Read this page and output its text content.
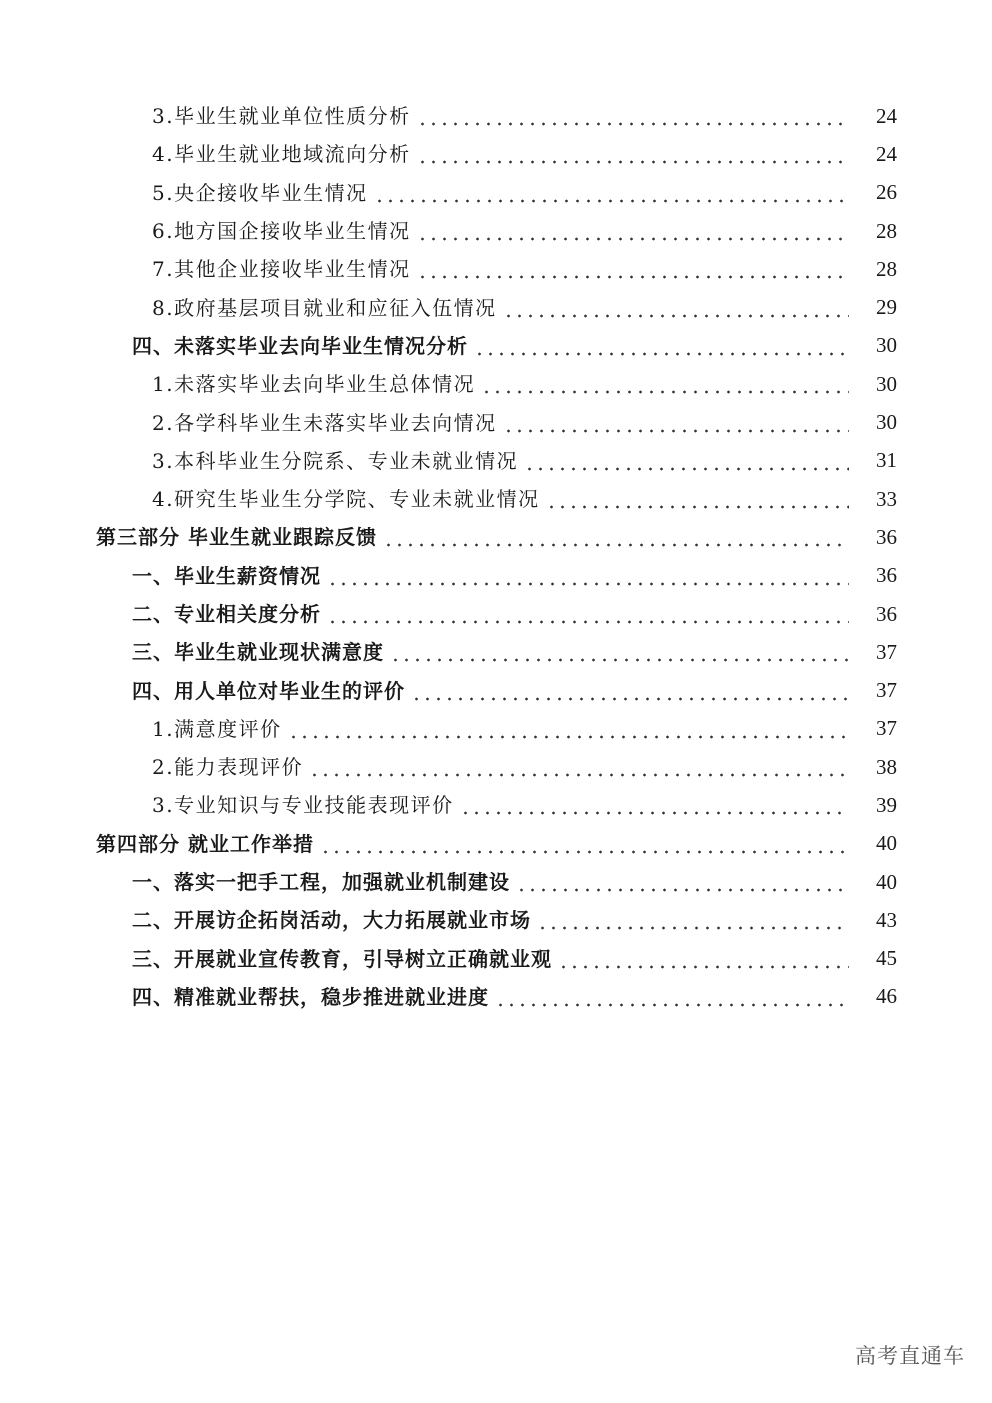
3.毕业生就业单位性质分析	24
4.毕业生就业地域流向分析	24
5.央企接收毕业生情况	26
6.地方国企接收毕业生情况	28
7.其他企业接收毕业生情况	28
8.政府基层项目就业和应征入伍情况	29
四、未落实毕业去向毕业生情况分析	30
1.未落实毕业去向毕业生总体情况	30
2.各学科毕业生未落实毕业去向情况	30
3.本科毕业生分院系、专业未就业情况	31
4.研究生毕业生分学院、专业未就业情况	33
第三部分 毕业生就业跟踪反馈	36
一、毕业生薪资情况	36
二、专业相关度分析	36
三、毕业生就业现状满意度	37
四、用人单位对毕业生的评价	37
1.满意度评价	37
2.能力表现评价	38
3.专业知识与专业技能表现评价	39
第四部分 就业工作举措	40
一、落实一把手工程，加强就业机制建设	40
二、开展访企拓岗活动，大力拓展就业市场	43
三、开展就业宣传教育，引导树立正确就业观	45
四、精准就业帮扶，稳步推进就业进度	46
高考直通车
